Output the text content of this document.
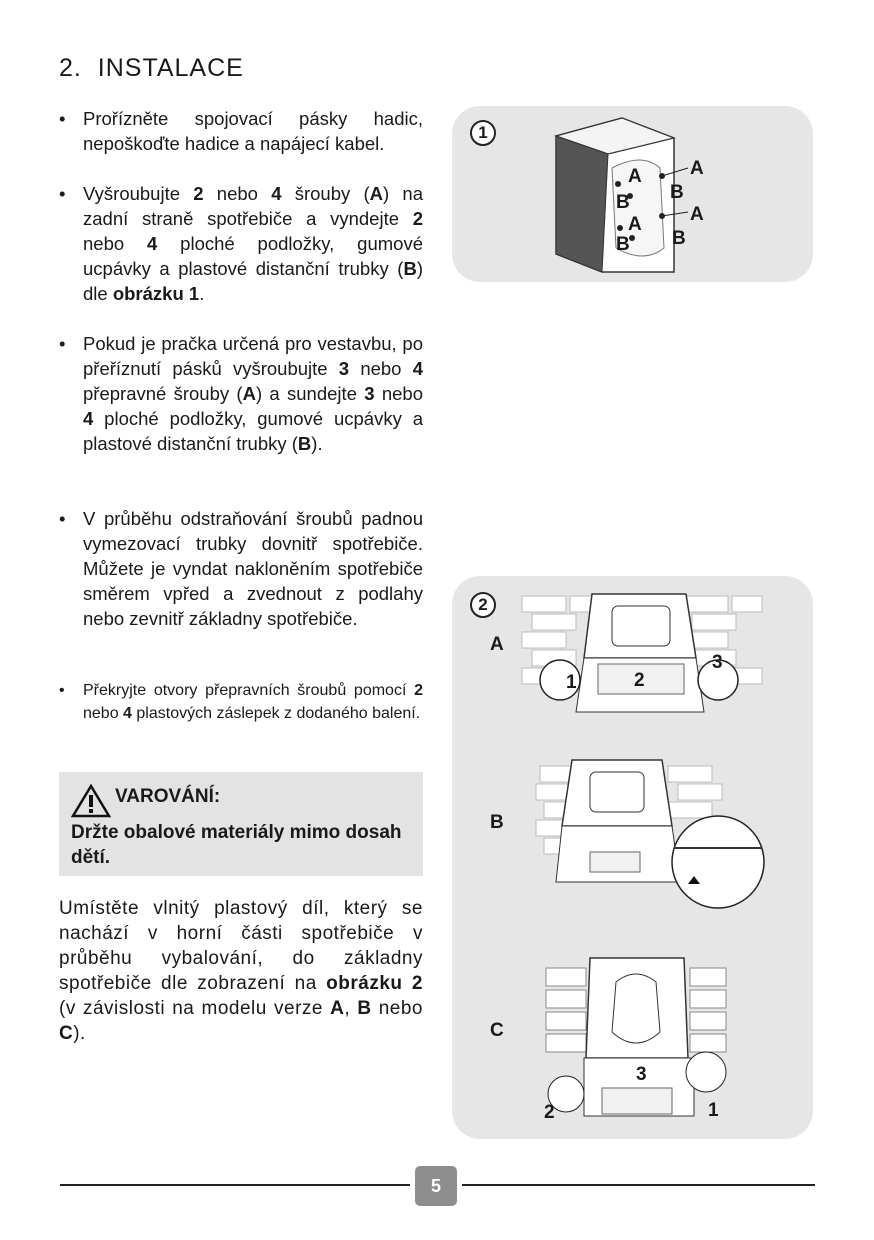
2. INSTALACE
• Prořízněte spojovací pásky hadic, nepoškoďte hadice a napájecí kabel.
• Vyšroubujte 2 nebo 4 šrouby (A) na zadní straně spotřebiče a vyndejte 2 nebo 4 ploché podložky, gumové ucpávky a plastové distanční trubky (B) dle obrázku 1.
• Pokud je pračka určená pro vestavbu, po přeříznutí pásků vyšroubujte 3 nebo 4 přepravné šrouby (A) a sundejte 3 nebo 4 ploché podložky, gumové ucpávky a plastové distanční trubky (B).
• V průběhu odstraňování šroubů padnou vymezovací trubky dovnitř spotřebiče. Můžete je vyndat nakloněním spotřebiče směrem vpřed a zvednout z podlahy nebo zevnitř základny spotřebiče.
• Překryjte otvory přepravních šroubů pomocí 2 nebo 4 plastových záslepek z dodaného balení.
VAROVÁNÍ:
Držte obalové materiály mimo dosah dětí.
Umístěte vlnitý plastový díl, který se nachází v horní části spotřebiče v průběhu vybalování, do základny spotřebiče dle zobrazení na obrázku 2 (v závislosti na modelu verze A, B nebo C).
1
A
A
A
A
B
B
B
B
2
A
B
C
1	2
3
3
2	1
5
